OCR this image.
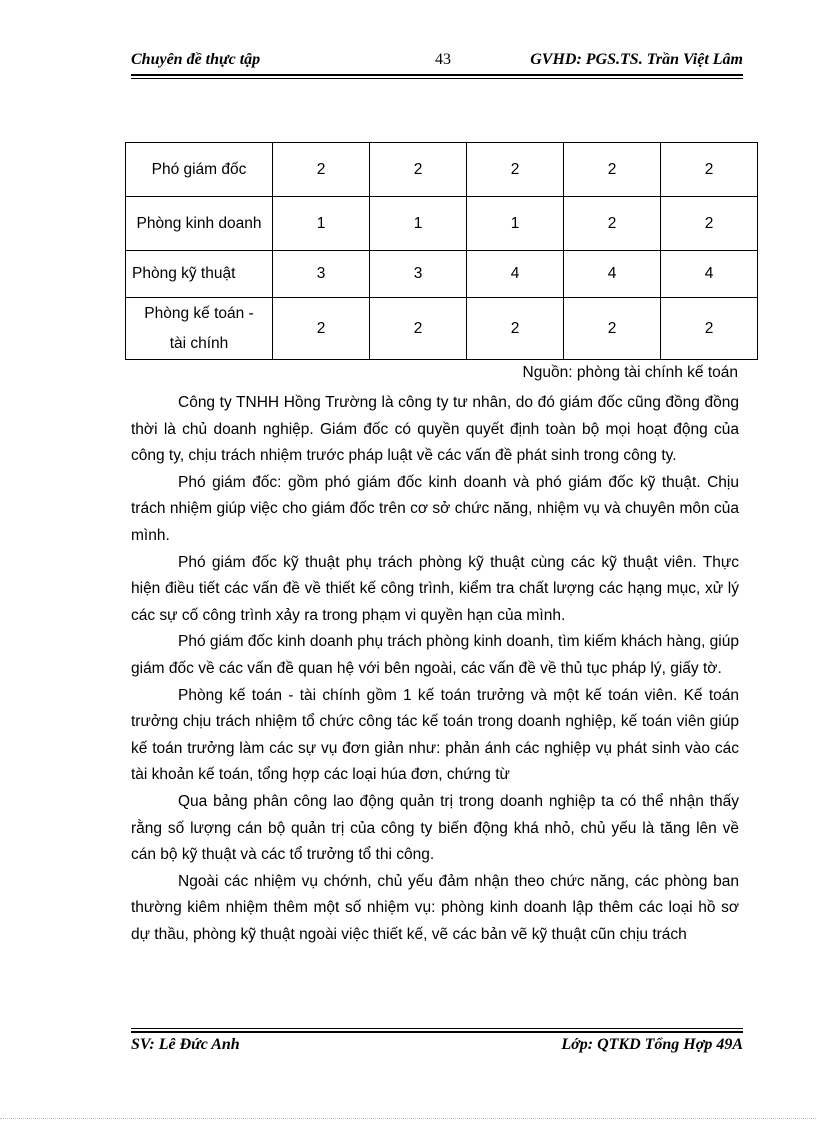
Chuyên đề thực tập	43	GVHD: PGS.TS. Trần Việt Lâm
Phó giám đốc	2	2	2	2	2
Phòng kinh doanh	1	1	1	2	2
Phòng kỹ thuật	3	3	4	4	4

Phòng kế toán -
tài chính	2	2	2	2	2
Nguồn: phòng tài chính kế toán

Công ty TNHH Hồng Trường là công ty tư nhân, do đó giám đốc cũng đồng đồng thời là chủ doanh nghiệp. Giám đốc có quyền quyết định toàn bộ mọi hoạt động của công ty, chịu trách nhiệm trước pháp luật về các vấn đề phát sinh trong công ty.

Phó giám đốc: gồm phó giám đốc kinh doanh và phó giám đốc kỹ thuật. Chịu trách nhiệm giúp việc cho giám đốc trên cơ sở chức năng, nhiệm vụ và chuyên môn của mình.

Phó giám đốc kỹ thuật phụ trách phòng kỹ thuật cùng các kỹ thuật viên. Thực hiện điều tiết các vấn đề về thiết kế công trình, kiểm tra chất lượng các hạng mục, xử lý các sự cố công trình xảy ra trong phạm vi quyền hạn của mình.

Phó giám đốc kinh doanh phụ trách phòng kinh doanh, tìm kiếm khách hàng, giúp giám đốc về các vấn đề quan hệ với bên ngoài, các vấn đề về thủ tục pháp lý, giấy tờ.

Phòng kế toán - tài chính gồm 1 kế toán trưởng và một kế toán viên. Kế toán trưởng chịu trách nhiệm tổ chức công tác kế toán trong doanh nghiệp, kế toán viên giúp kế toán trưởng làm các sự vụ đơn giản như: phản ánh các nghiệp vụ phát sinh vào các tài khoản kế toán, tổng hợp các loại húa đơn, chứng từ

Qua bảng phân công lao động quản trị trong doanh nghiệp ta có thể nhận thấy rằng số lượng cán bộ quản trị của công ty biến động khá nhỏ, chủ yếu là tăng lên về cán bộ kỹ thuật và các tổ trưởng tổ thi công.

Ngoài các nhiệm vụ chớnh, chủ yếu đảm nhận theo chức năng, các phòng ban thường kiêm nhiệm thêm một số nhiệm vụ: phòng kinh doanh lập thêm các loại hồ sơ dự thầu, phòng kỹ thuật ngoài việc thiết kế, vẽ các bản vẽ kỹ thuật cũn chịu trách

SV: Lê Đức Anh	Lớp: QTKD Tổng Hợp 49A
